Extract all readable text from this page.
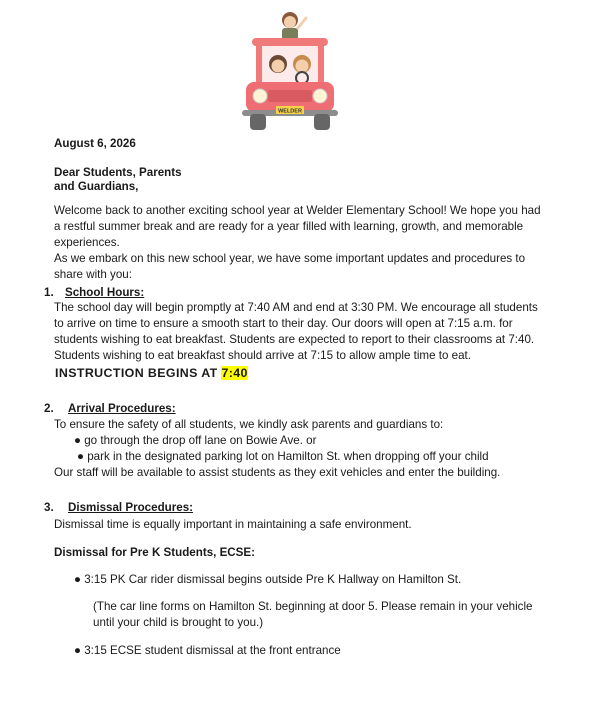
WELDER
August 6, 2026
Dear Students, Parents
and Guardians,
Welcome back to another exciting school year at Welder Elementary School! We hope you had
a restful summer break and are ready for a year filled with learning, growth, and memorable
experiences.
As we embark on this new school year, we have some important updates and procedures to
share with you:
1. School Hours:
The school day will begin promptly at 7:40 AM and end at 3:30 PM. We encourage all students
to arrive on time to ensure a smooth start to their day. Our doors will open at 7:15 a.m. for
students wishing to eat breakfast. Students are expected to report to their classrooms at 7:40.
Students wishing to eat breakfast should arrive at 7:15 to allow ample time to eat.
INSTRUCTION BEGINS AT 7:40
2. Arrival Procedures:
To ensure the safety of all students, we kindly ask parents and guardians to:
● go through the drop off lane on Bowie Ave. or
● park in the designated parking lot on Hamilton St. when dropping off your child
Our staff will be available to assist students as they exit vehicles and enter the building.
3. Dismissal Procedures:
Dismissal time is equally important in maintaining a safe environment.
Dismissal for Pre K Students, ECSE:
● 3:15 PK Car rider dismissal begins outside Pre K Hallway on Hamilton St.
(The car line forms on Hamilton St. beginning at door 5. Please remain in your vehicle
until your child is brought to you.)
● 3:15 ECSE student dismissal at the front entrance
